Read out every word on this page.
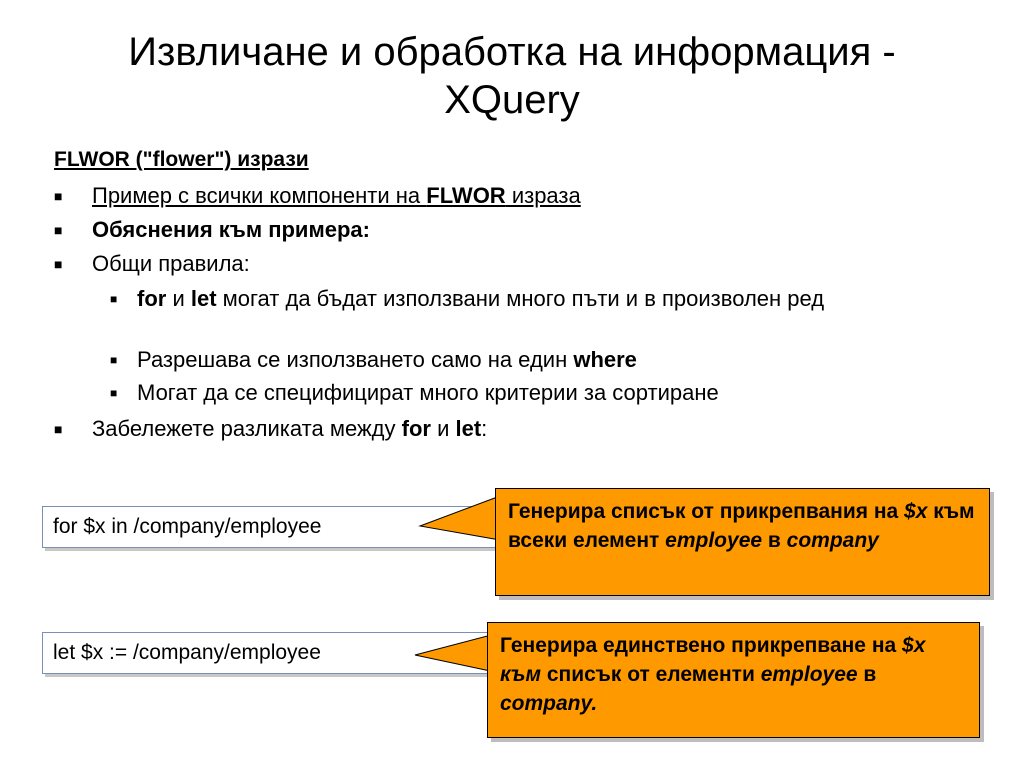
Извличане и обработка на информация -
XQuery
FLWOR ("flower") изрази
■ Пример с всички компоненти на FLWOR израза
■ Обяснения към примера:
■ Общи правила:
■ for и let могат да бъдат използвани много пъти и в произволен ред
■ Разрешава се използването само на един where
■ Могат да се специфицират много критерии за сортиране
■ Забележете разликата между for и let:
for $x in /company/employee
Генерира списък от прикрепвания на $x към всеки елемент employee в company
let $x := /company/employee	Генерира единствено прикрепване на $x към списък от елементи employee в company.
